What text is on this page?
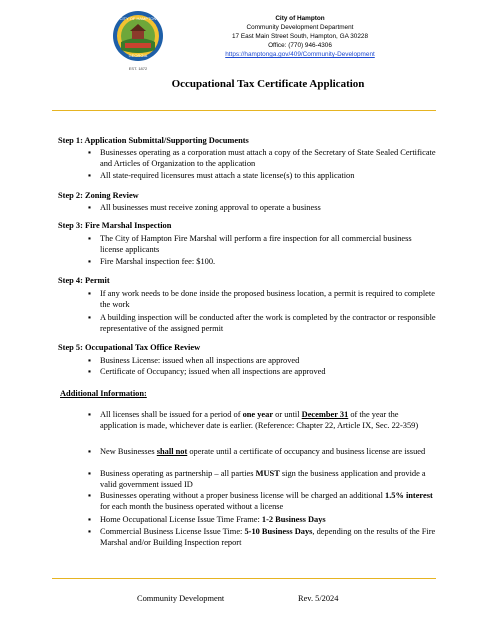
CITY OF HAMPTON
GEORGIA
EST. 1872
City of Hampton
Community Development Department
17 East Main Street South, Hampton, GA 30228
Office: (770) 946-4306
https://hamptonga.gov/409/Community-Development
Occupational Tax Certificate Application
Step 1: Application Submittal/Supporting Documents
▪ Businesses operating as a corporation must attach a copy of the Secretary of State Sealed Certificate and Articles of Organization to the application
▪ All state-required licensures must attach a state license(s) to this application
Step 2: Zoning Review
▪ All businesses must receive zoning approval to operate a business
Step 3: Fire Marshal Inspection
▪ The City of Hampton Fire Marshal will perform a fire inspection for all commercial business license applicants
▪ Fire Marshal inspection fee: $100.
Step 4: Permit
▪ If any work needs to be done inside the proposed business location, a permit is required to complete the work
▪ A building inspection will be conducted after the work is completed by the contractor or responsible representative of the assigned permit
Step 5: Occupational Tax Office Review
▪ Business License: issued when all inspections are approved
▪ Certificate of Occupancy; issued when all inspections are approved
Additional Information:
▪ All licenses shall be issued for a period of one year or until December 31 of the year the application is made, whichever date is earlier. (Reference: Chapter 22, Article IX, Sec. 22-359)
▪ New Businesses shall not operate until a certificate of occupancy and business license are issued
▪ Business operating as partnership – all parties MUST sign the business application and provide a valid government issued ID
▪ Businesses operating without a proper business license will be charged an additional 1.5% interest for each month the business operated without a license
▪ Home Occupational License Issue Time Frame: 1-2 Business Days
▪ Commercial Business License Issue Time: 5-10 Business Days, depending on the results of the Fire Marshal and/or Building Inspection report
Community Development	Rev. 5/2024
